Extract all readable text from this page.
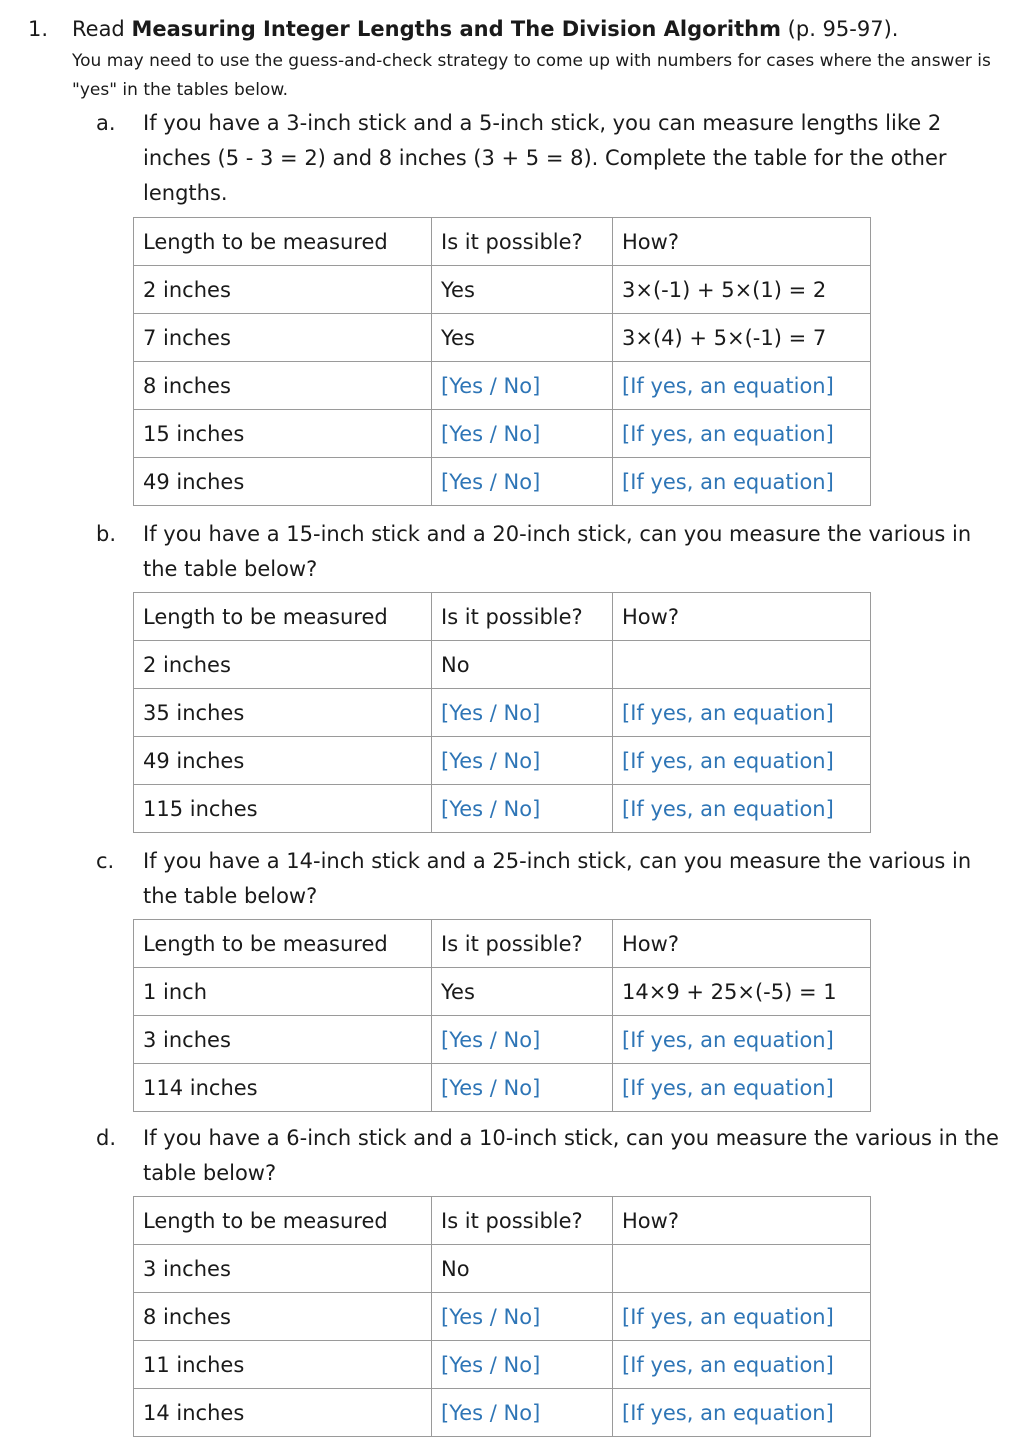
1. Read Measuring Integer Lengths and The Division Algorithm (p. 95-97).
You may need to use the guess-and-check strategy to come up with numbers for cases where the answer is "yes" in the tables below.
a.	If you have a 3-inch stick and a 5-inch stick, you can measure lengths like 2 inches (5 - 3 = 2) and 8 inches (3 + 5 = 8). Complete the table for the other lengths.
Length to be measured	Is it possible?	How?
2 inches	Yes	3×(-1) + 5×(1) = 2
7 inches	Yes	3×(4) + 5×(-1) = 7
8 inches	[Yes / No]	[If yes, an equation]
15 inches	[Yes / No]	[If yes, an equation]
49 inches	[Yes / No]	[If yes, an equation]
b.	If you have a 15-inch stick and a 20-inch stick, can you measure the various in the table below?
Length to be measured	Is it possible?	How?
2 inches	No	
35 inches	[Yes / No]	[If yes, an equation]
49 inches	[Yes / No]	[If yes, an equation]
115 inches	[Yes / No]	[If yes, an equation]
c.	If you have a 14-inch stick and a 25-inch stick, can you measure the various in the table below?
Length to be measured	Is it possible?	How?
1 inch	Yes	14×9 + 25×(-5) = 1
3 inches	[Yes / No]	[If yes, an equation]
114 inches	[Yes / No]	[If yes, an equation]
d.	If you have a 6-inch stick and a 10-inch stick, can you measure the various in the table below?
Length to be measured	Is it possible?	How?
3 inches	No	
8 inches	[Yes / No]	[If yes, an equation]
11 inches	[Yes / No]	[If yes, an equation]
14 inches	[Yes / No]	[If yes, an equation]
